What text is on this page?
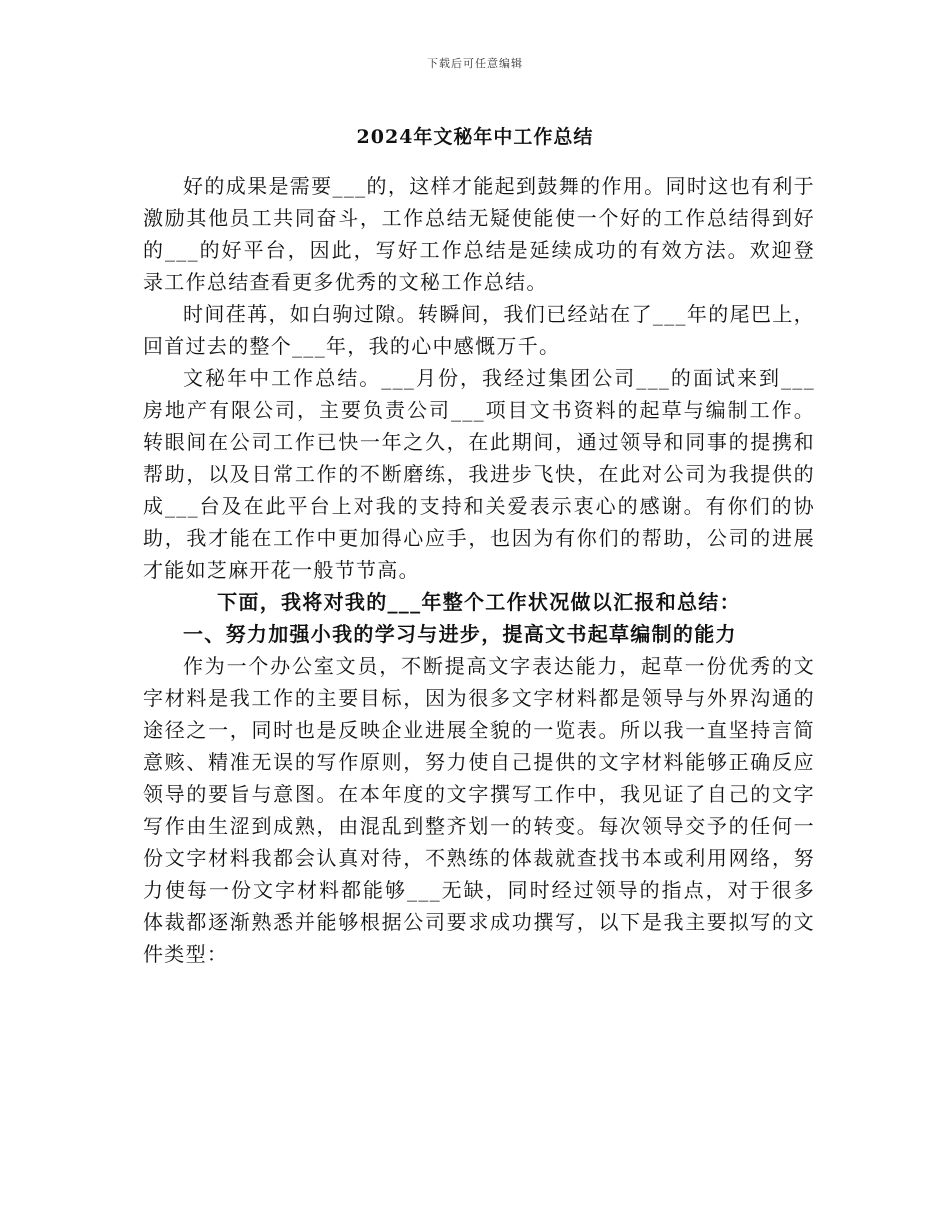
下载后可任意编辑
2024年文秘年中工作总结

好的成果是需要___的，这样才能起到鼓舞的作用。同时这也有利于激励其他员工共同奋斗，工作总结无疑使能使一个好的工作总结得到好的___的好平台，因此，写好工作总结是延续成功的有效方法。欢迎登录工作总结查看更多优秀的文秘工作总结。

时间荏苒，如白驹过隙。转瞬间，我们已经站在了___年的尾巴上，回首过去的整个___年，我的心中感慨万千。

文秘年中工作总结。___月份，我经过集团公司___的面试来到___房地产有限公司，主要负责公司___项目文书资料的起草与编制工作。转眼间在公司工作已快一年之久，在此期间，通过领导和同事的提携和帮助，以及日常工作的不断磨练，我进步飞快，在此对公司为我提供的成___台及在此平台上对我的支持和关爱表示衷心的感谢。有你们的协助，我才能在工作中更加得心应手，也因为有你们的帮助，公司的进展才能如芝麻开花一般节节高。

下面，我将对我的___年整个工作状况做以汇报和总结：

一、努力加强小我的学习与进步，提高文书起草编制的能力

作为一个办公室文员，不断提高文字表达能力，起草一份优秀的文字材料是我工作的主要目标，因为很多文字材料都是领导与外界沟通的途径之一，同时也是反映企业进展全貌的一览表。所以我一直坚持言简意赅、精准无误的写作原则，努力使自己提供的文字材料能够正确反应领导的要旨与意图。在本年度的文字撰写工作中，我见证了自己的文字写作由生涩到成熟，由混乱到整齐划一的转变。每次领导交予的任何一份文字材料我都会认真对待，不熟练的体裁就查找书本或利用网络，努力使每一份文字材料都能够___无缺，同时经过领导的指点，对于很多体裁都逐渐熟悉并能够根据公司要求成功撰写，以下是我主要拟写的文件类型：
